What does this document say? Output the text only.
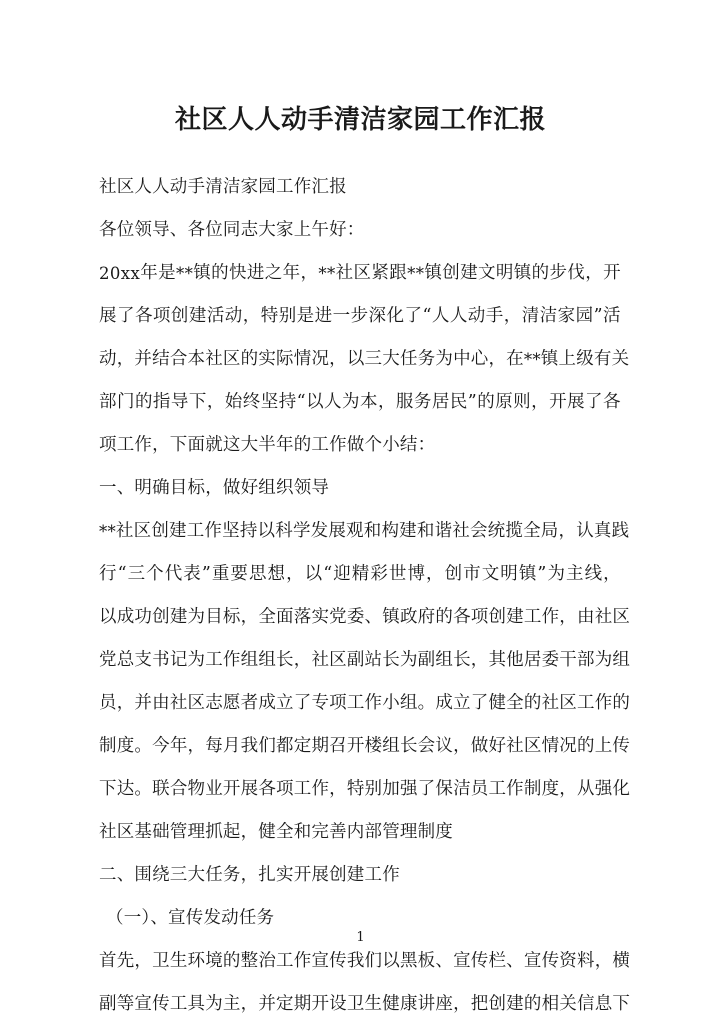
社区人人动手清洁家园工作汇报
社区人人动手清洁家园工作汇报
各位领导、各位同志大家上午好：
2 0 x x 年 是 * * 镇 的 快 进 之 年 ， * * 社 区 紧 跟 * * 镇 创 建 文 明 镇 的 步 伐 ， 开
展 了 各 项 创 建 活 动 ， 特 别 是 进 一 步 深 化 了 “ 人 人 动 手 ， 清 洁 家 园 ” 活
动 ， 并 结 合 本 社 区 的 实 际 情 况 ， 以 三 大 任 务 为 中 心 ， 在 * * 镇 上 级 有 关
部 门 的 指 导 下 ， 始 终 坚 持 “ 以 人 为 本 ， 服 务 居 民 ” 的 原 则 ， 开 展 了 各
项工作，下面就这大半年的工作做个小结：
一、明确目标，做好组织领导
* * 社 区 创 建 工 作 坚 持 以 科 学 发 展 观 和 构 建 和 谐 社 会 统 揽 全 局 ， 认 真 践
行 “ 三 个 代 表 ” 重 要 思 想 ， 以 “ 迎 精 彩 世 博 ， 创 市 文 明 镇 ” 为 主 线 ，
以 成 功 创 建 为 目 标 ， 全 面 落 实 党 委 、 镇 政 府 的 各 项 创 建 工 作 ， 由 社 区
党 总 支 书 记 为 工 作 组 组 长 ， 社 区 副 站 长 为 副 组 长 ， 其 他 居 委 干 部 为 组
员 ， 并 由 社 区 志 愿 者 成 立 了 专 项 工 作 小 组 。 成 立 了 健 全 的 社 区 工 作 的
制 度 。 今 年 ， 每 月 我 们 都 定 期 召 开 楼 组 长 会 议 ， 做 好 社 区 情 况 的 上 传
下 达 。 联 合 物 业 开 展 各 项 工 作 ， 特 别 加 强 了 保 洁 员 工 作 制 度 ， 从 强 化
社区基础管理抓起，健全和完善内部管理制度
二、围绕三大任务，扎实开展创建工作
（一）、宣传发动任务
首 先 ， 卫 生 环 境 的 整 治 工 作 宣 传 我 们 以 黑 板 、 宣 传 栏 、 宣 传 资 料 ， 横
副 等 宣 传 工 具 为 主 ， 并 定 期 开 设 卫 生 健 康 讲 座 ， 把 创 建 的 相 关 信 息 下
1
